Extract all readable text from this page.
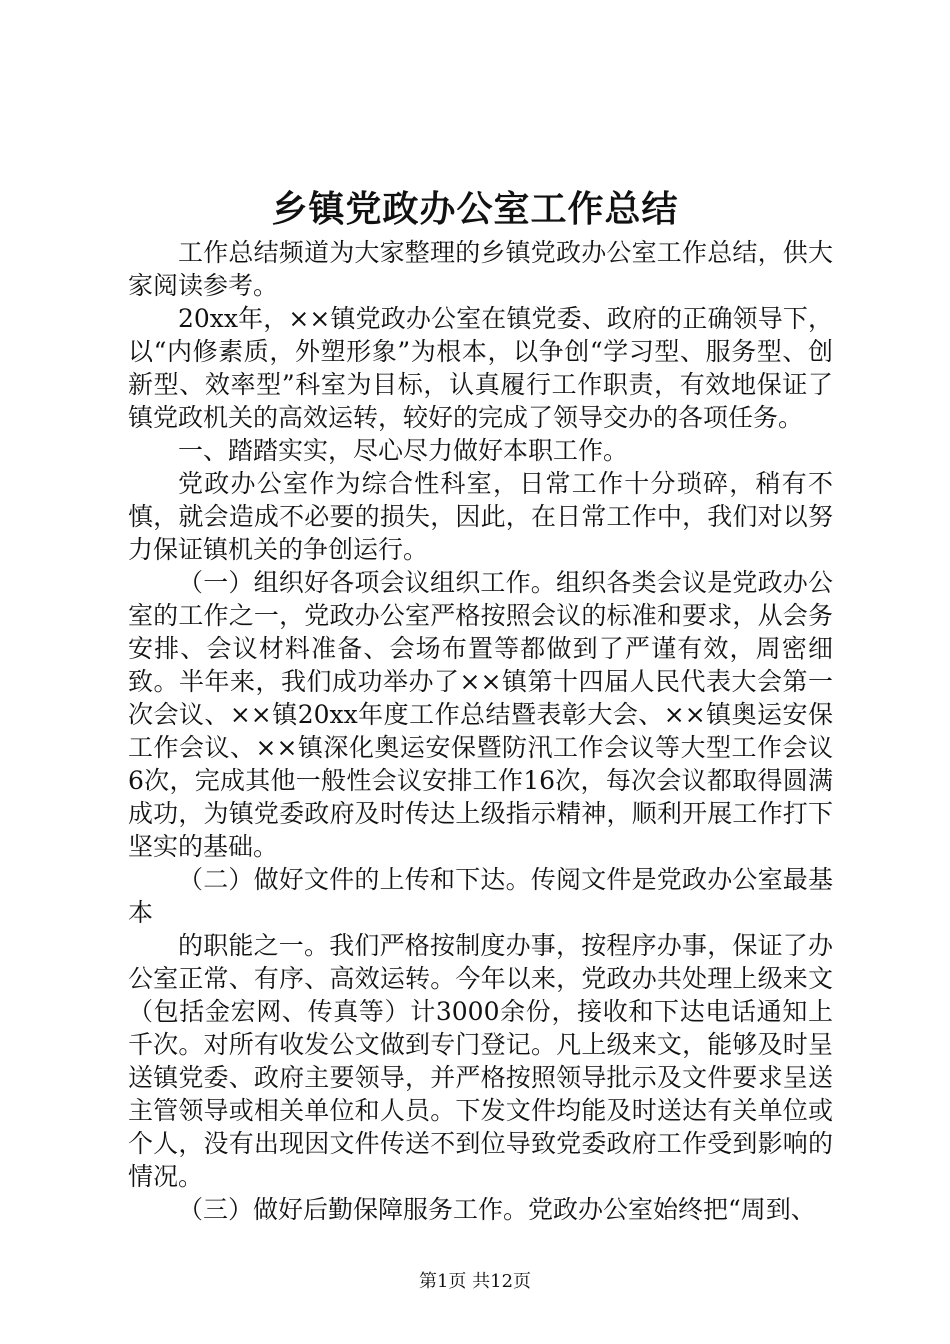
乡镇党政办公室工作总结

工作总结频道为大家整理的乡镇党政办公室工作总结，供大家阅读参考。

20xx年，××镇党政办公室在镇党委、政府的正确领导下，以“内修素质，外塑形象”为根本，以争创“学习型、服务型、创新型、效率型”科室为目标，认真履行工作职责，有效地保证了镇党政机关的高效运转，较好的完成了领导交办的各项任务。

一、踏踏实实，尽心尽力做好本职工作。

党政办公室作为综合性科室，日常工作十分琐碎，稍有不慎，就会造成不必要的损失，因此，在日常工作中，我们对以努力保证镇机关的争创运行。

（一）组织好各项会议组织工作。组织各类会议是党政办公室的工作之一，党政办公室严格按照会议的标准和要求，从会务安排、会议材料准备、会场布置等都做到了严谨有效，周密细致。半年来，我们成功举办了××镇第十四届人民代表大会第一次会议、××镇20xx年度工作总结暨表彰大会、××镇奥运安保工作会议、××镇深化奥运安保暨防汛工作会议等大型工作会议6次，完成其他一般性会议安排工作16次，每次会议都取得圆满成功，为镇党委政府及时传达上级指示精神，顺利开展工作打下坚实的基础。

（二）做好文件的上传和下达。传阅文件是党政办公室最基本

的职能之一。我们严格按制度办事，按程序办事，保证了办公室正常、有序、高效运转。今年以来，党政办共处理上级来文（包括金宏网、传真等）计3000余份，接收和下达电话通知上千次。对所有收发公文做到专门登记。凡上级来文，能够及时呈送镇党委、政府主要领导，并严格按照领导批示及文件要求呈送主管领导或相关单位和人员。下发文件均能及时送达有关单位或个人，没有出现因文件传送不到位导致党委政府工作受到影响的情况。

（三）做好后勤保障服务工作。党政办公室始终把“周到、

第1页 共12页
